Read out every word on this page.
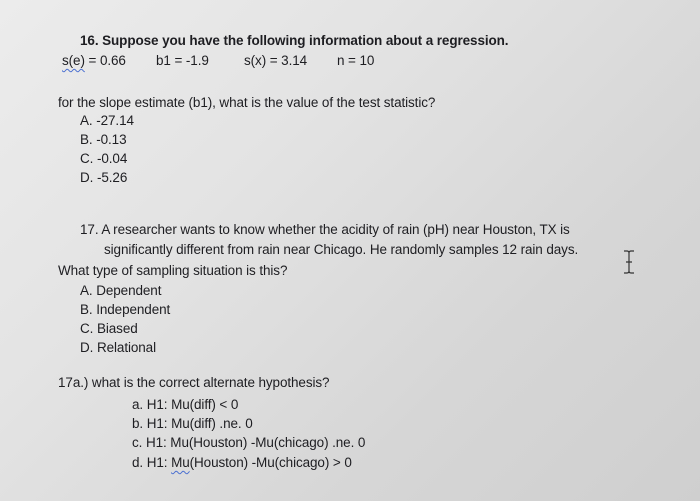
16. Suppose you have the following information about a regression.
s(e) = 0.66 b1 = -1.9	s(x) = 3.14 n = 10
for the slope estimate (b1), what is the value of the test statistic?
A. -27.14
B. -0.13
C. -0.04
D. -5.26
17. A researcher wants to know whether the acidity of rain (pH) near Houston, TX is
significantly different from rain near Chicago. He randomly samples 12 rain days.
What type of sampling situation is this?
A. Dependent
B. Independent
C. Biased
D. Relational
17a.) what is the correct alternate hypothesis?
a. H1: Mu(diff) < 0
b. H1: Mu(diff) .ne. 0
c. H1: Mu(Houston) -Mu(chicago) .ne. 0
d. H1: Mu(Houston) -Mu(chicago) > 0
